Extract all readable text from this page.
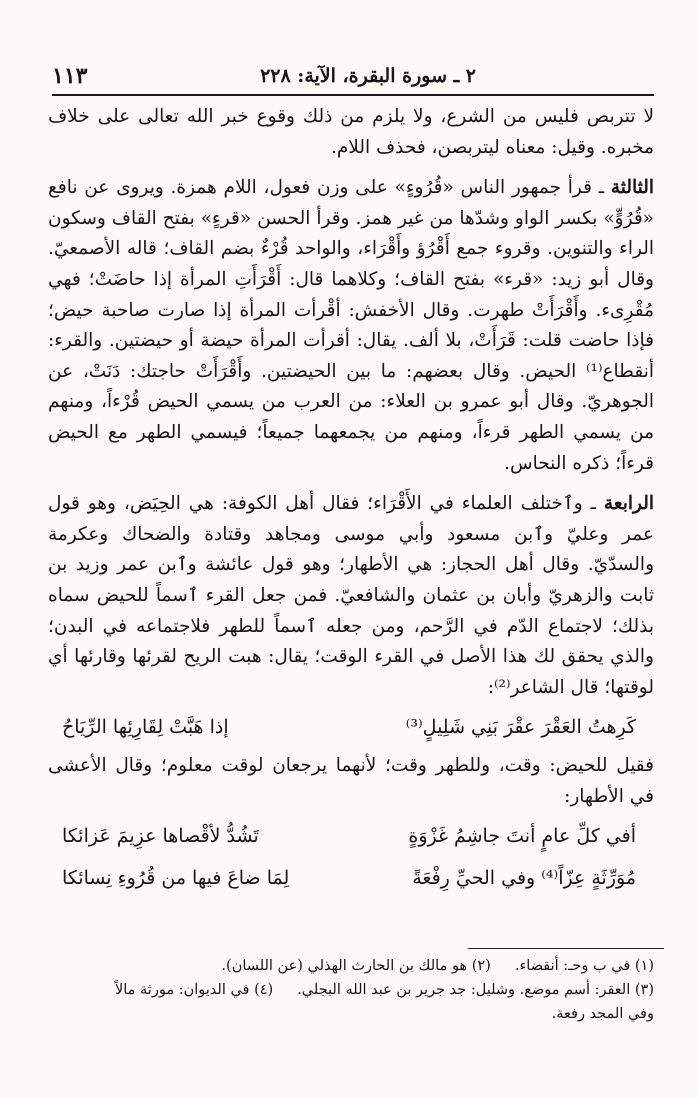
٢ ـ سورة البقرة، الآية: ٢٢٨
١١٣

لا تتربص فليس من الشرع، ولا يلزم من ذلك وقوع خبر الله تعالى على خلاف مخبره. وقيل: معناه ليتربصن، فحذف اللام.

الثالثة ـ قرأ جمهور الناس «قُرُوءٍ» على وزن فعول، اللام همزة. ويروى عن نافع «قُرُوٍّ» بكسر الواو وشدّها من غير همز. وقرأ الحسن «قرءٍ» بفتح القاف وسكون الراء والتنوين. وقروء جمع أَقْرُؤ وأَقْرَاء، والواحد قُرْءٌ بضم القاف؛ قاله الأصمعيّ. وقال أبو زيد: «قرء» بفتح القاف؛ وكلاهما قال: أَقْرَأَتِ المرأة إذا حاضَتْ؛ فهي مُقْرِىء. وأَقْرَأَتْ طهرت. وقال الأخفش: أقْرأت المرأة إذا صارت صاحبة حيض؛ فإذا حاضت قلت: قَرَأَتْ، بلا ألف. يقال: أقرأت المرأة حيضة أو حيضتين. والقرء: أنقطاع⁽¹⁾ الحيض. وقال بعضهم: ما بين الحيضتين. وأَقْرَأَتْ حاجتك: دَنَتْ، عن الجوهريّ. وقال أبو عمرو بن العلاء: من العرب من يسمي الحيض قُرْءاً، ومنهم من يسمي الطهر قرءاً، ومنهم من يجمعهما جميعاً؛ فيسمي الطهر مع الحيض قرءاً؛ ذكره النحاس.

الرابعة ـ وٱختلف العلماء في الأَقْرَاء؛ فقال أهل الكوفة: هي الحِيَض، وهو قول عمر وعليّ وٱبن مسعود وأبي موسى ومجاهد وقتادة والضحاك وعكرمة والسدّيّ. وقال أهل الحجاز: هي الأطهار؛ وهو قول عائشة وٱبن عمر وزيد بن ثابت والزهريّ وأبان بن عثمان والشافعيّ. فمن جعل القرء ٱسماً للحيض سماه بذلك؛ لاجتماع الدّم في الرَّحم، ومن جعله ٱسماً للطهر فلاجتماعه في البدن؛ والذي يحقق لك هذا الأصل في القرء الوقت؛ يقال: هبت الريح لقرئها وقارئها أي لوقتها؛ قال الشاعر⁽²⁾:

كَرِهتُ العَقْرَ عقْرَ بَنِي شَلِيلٍ⁽³⁾
إذا هَبَّتْ لِقَارِئِها الرِّيَاحُ

فقيل للحيض: وقت، وللطهر وقت؛ لأنهما يرجعان لوقت معلوم؛ وقال الأعشى في الأطهار:

أفي كلِّ عامٍ أنتَ جاشِمُ غَزْوَةٍ
تَشُدُّ لأقْصاها عزِيمَ عَزائكا
مُوَرِّثَةٍ عِزّاً⁽⁴⁾ وفي الحيِّ رِفْعَةً
لِمَا ضاعَ فيها من قُرُوءِ نِسائكا
(١) في ب وحـ: أنقضاء.
(٢) هو مالك بن الحارث الهذلي (عن اللسان).
(٣) العقر: أسم موضع. وشليل: جد جرير بن عبد الله البجلي.
(٤) في الديوان: مورثة مالاً
وفي المجد رفعة.
